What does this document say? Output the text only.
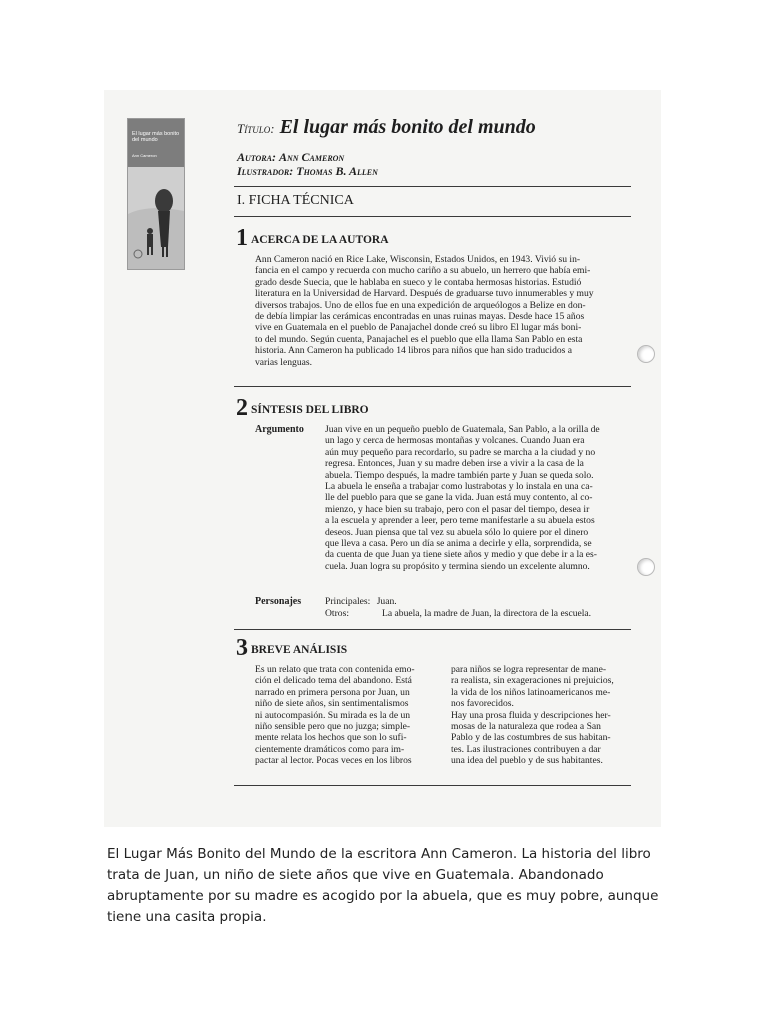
El lugar más bonito del mundo
Ann Cameron
Título: El lugar más bonito del mundo
Autora: Ann Cameron
Ilustrador: Thomas B. Allen
I. FICHA TÉCNICA
1 ACERCA DE LA AUTORA
Ann Cameron nació en Rice Lake, Wisconsin, Estados Unidos, en 1943. Vivió su in-
fancia en el campo y recuerda con mucho cariño a su abuelo, un herrero que había emi-
grado desde Suecia, que le hablaba en sueco y le contaba hermosas historias. Estudió
literatura en la Universidad de Harvard. Después de graduarse tuvo innumerables y muy
diversos trabajos. Uno de ellos fue en una expedición de arqueólogos a Belize en don-
de debía limpiar las cerámicas encontradas en unas ruinas mayas. Desde hace 15 años
vive en Guatemala en el pueblo de Panajachel donde creó su libro El lugar más boni-
to del mundo. Según cuenta, Panajachel es el pueblo que ella llama San Pablo en esta
historia. Ann Cameron ha publicado 14 libros para niños que han sido traducidos a
varias lenguas.
2 SÍNTESIS DEL LIBRO
Argumento Juan vive en un pequeño pueblo de Guatemala, San Pablo, a la orilla de
un lago y cerca de hermosas montañas y volcanes. Cuando Juan era
aún muy pequeño para recordarlo, su padre se marcha a la ciudad y no
regresa. Entonces, Juan y su madre deben irse a vivir a la casa de la
abuela. Tiempo después, la madre también parte y Juan se queda solo.
La abuela le enseña a trabajar como lustrabotas y lo instala en una ca-
lle del pueblo para que se gane la vida. Juan está muy contento, al co-
mienzo, y hace bien su trabajo, pero con el pasar del tiempo, desea ir
a la escuela y aprender a leer, pero teme manifestarle a su abuela estos
deseos. Juan piensa que tal vez su abuela sólo lo quiere por el dinero
que lleva a casa. Pero un día se anima a decirle y ella, sorprendida, se
da cuenta de que Juan ya tiene siete años y medio y que debe ir a la es-
cuela. Juan logra su propósito y termina siendo un excelente alumno.
Personajes Principales: Juan.
Otros:	La abuela, la madre de Juan, la directora de la escuela.
3 BREVE ANÁLISIS
Es un relato que trata con contenida emo-
ción el delicado tema del abandono. Está
narrado en primera persona por Juan, un
niño de siete años, sin sentimentalismos
ni autocompasión. Su mirada es la de un
niño sensible pero que no juzga; simple-
mente relata los hechos que son lo sufi-
cientemente dramáticos como para im-
pactar al lector. Pocas veces en los libros
para niños se logra representar de mane-
ra realista, sin exageraciones ni prejuicios,
la vida de los niños latinoamericanos me-
nos favorecidos.
Hay una prosa fluida y descripciones her-
mosas de la naturaleza que rodea a San
Pablo y de las costumbres de sus habitan-
tes. Las ilustraciones contribuyen a dar
una idea del pueblo y de sus habitantes.
El Lugar Más Bonito del Mundo de la escritora Ann Cameron. La historia del libro trata de Juan, un niño de siete años que vive en Guatemala. Abandonado abruptamente por su madre es acogido por la abuela, que es muy pobre, aunque tiene una casita propia.
